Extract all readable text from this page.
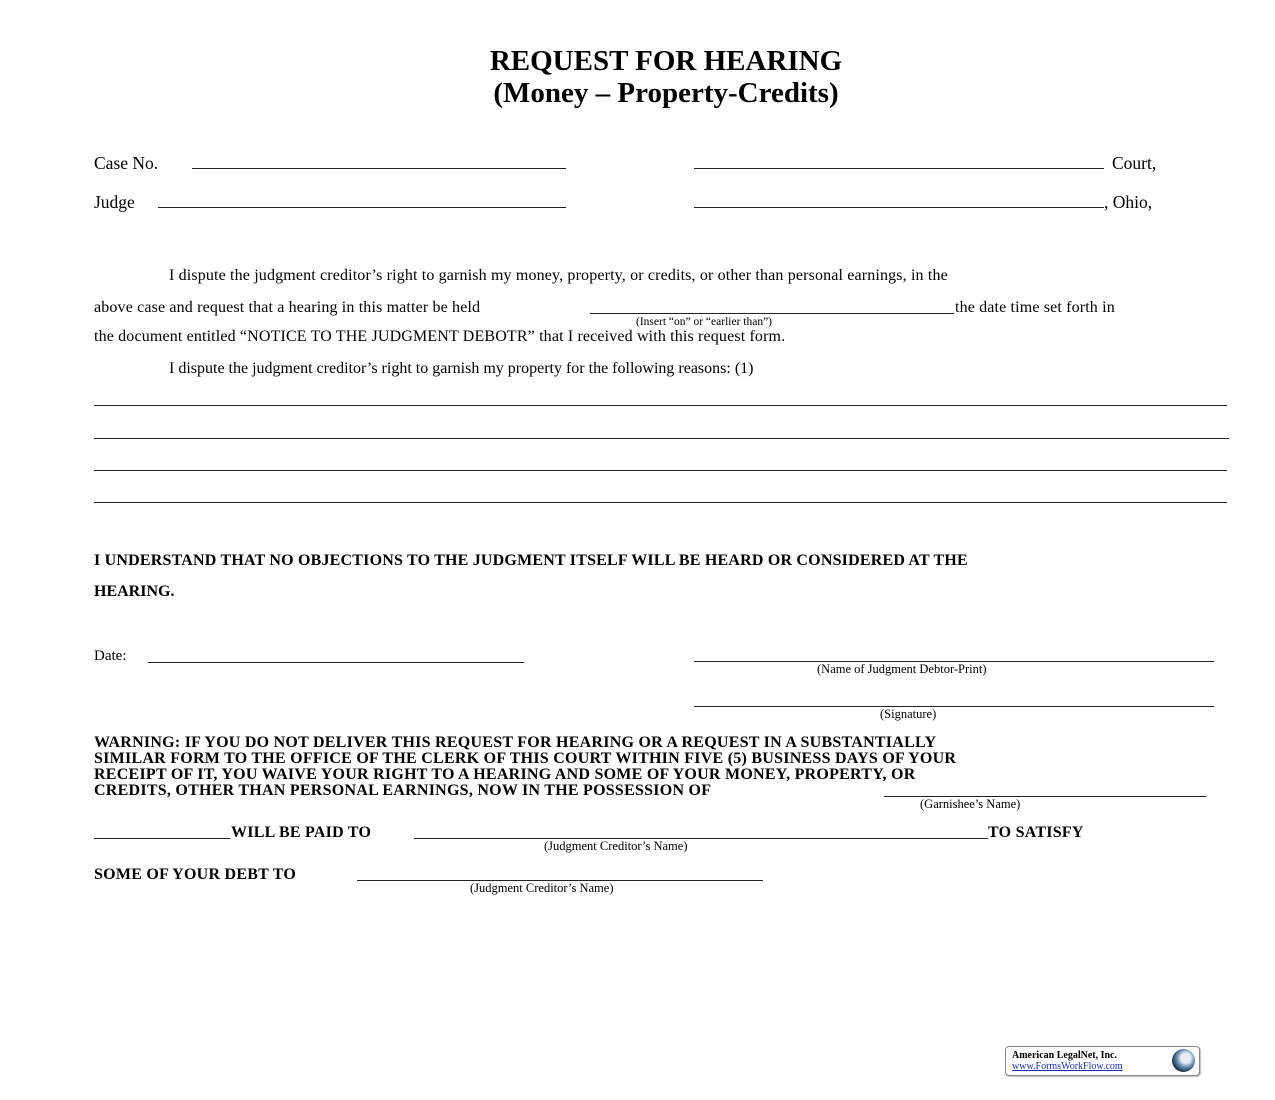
REQUEST FOR HEARING
(Money – Property-Credits)
Case No.
Judge
Court,
, Ohio,
I dispute the judgment creditor’s right to garnish my money, property, or credits, or other than personal earnings, in the
above case and request that a hearing in this matter be held	the date time set forth in
(Insert “on” or “earlier than”)
the document entitled “NOTICE TO THE JUDGMENT DEBOTR” that I received with this request form.
I dispute the judgment creditor’s right to garnish my property for the following reasons: (1)
I UNDERSTAND THAT NO OBJECTIONS TO THE JUDGMENT ITSELF WILL BE HEARD OR CONSIDERED AT THE
HEARING.
Date:
(Name of Judgment Debtor-Print)
(Signature)
WARNING: IF YOU DO NOT DELIVER THIS REQUEST FOR HEARING OR A REQUEST IN A SUBSTANTIALLY
SIMILAR FORM TO THE OFFICE OF THE CLERK OF THIS COURT WITHIN FIVE (5) BUSINESS DAYS OF YOUR
RECEIPT OF IT, YOU WAIVE YOUR RIGHT TO A HEARING AND SOME OF YOUR MONEY, PROPERTY, OR
CREDITS, OTHER THAN PERSONAL EARNINGS, NOW IN THE POSSESSION OF
(Garnishee’s Name)
WILL BE PAID TO	TO SATISFY
(Judgment Creditor’s Name)
SOME OF YOUR DEBT TO
(Judgment Creditor’s Name)
American LegalNet, Inc.
www.FormsWorkFlow.com
